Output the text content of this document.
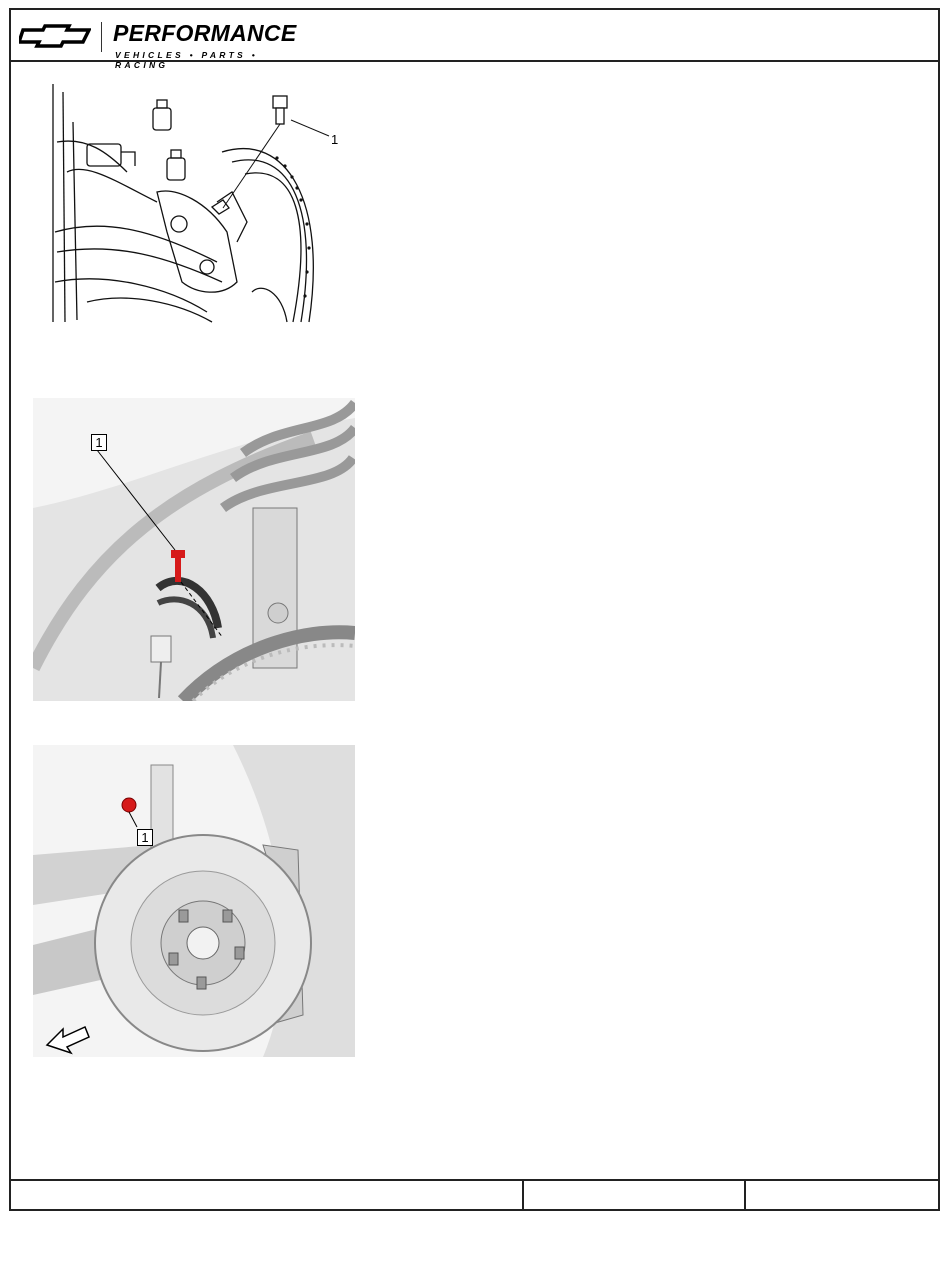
PERFORMANCE
VEHICLES • PARTS • RACING
1
1
1
